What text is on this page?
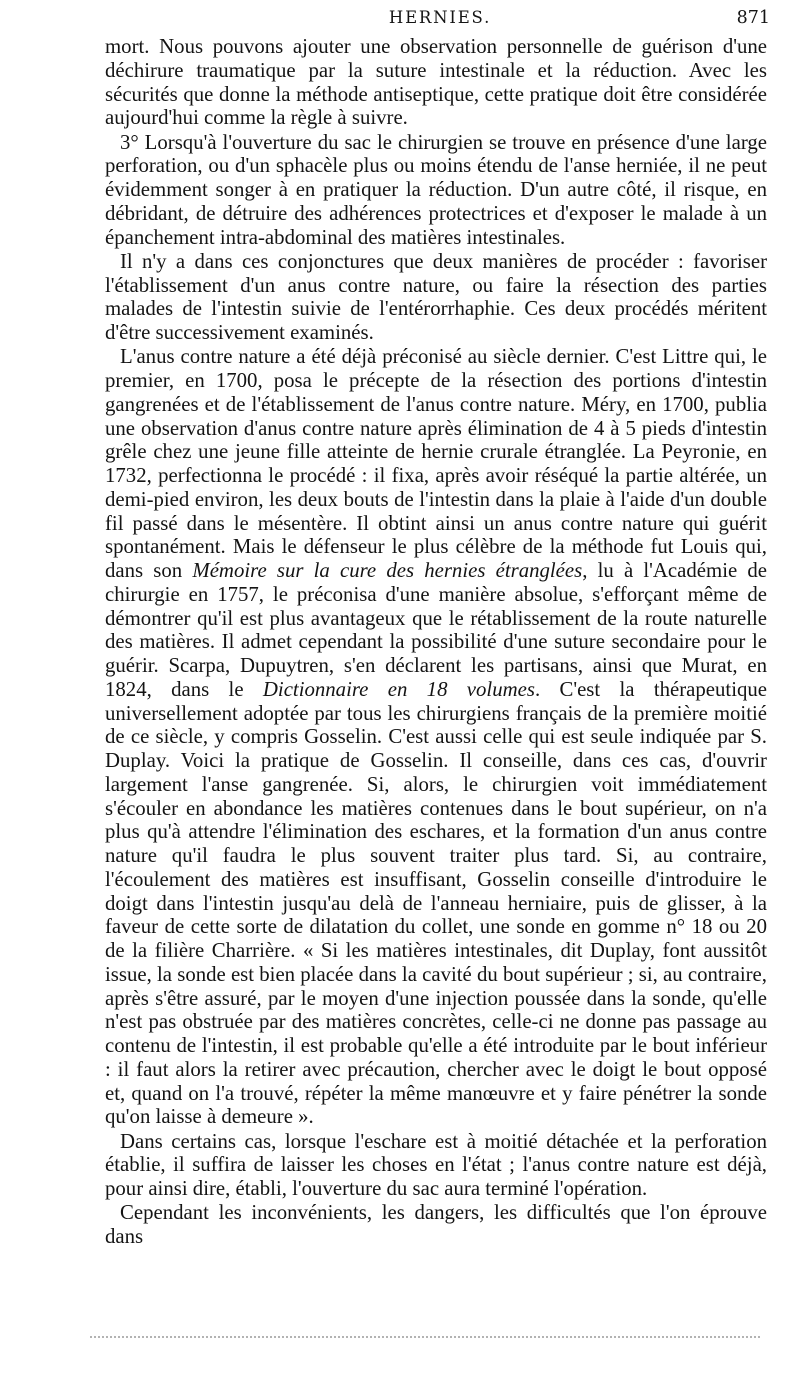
HERNIES.	871

mort. Nous pouvons ajouter une observation personnelle de guérison d'une déchirure traumatique par la suture intestinale et la réduction. Avec les sécurités que donne la méthode antiseptique, cette pratique doit être considérée aujourd'hui comme la règle à suivre.

3° Lorsqu'à l'ouverture du sac le chirurgien se trouve en présence d'une large perforation, ou d'un sphacèle plus ou moins étendu de l'anse herniée, il ne peut évidemment songer à en pratiquer la réduction. D'un autre côté, il risque, en débridant, de détruire des adhérences protectrices et d'exposer le malade à un épanchement intra-abdominal des matières intestinales.

Il n'y a dans ces conjonctures que deux manières de procéder : favoriser l'établissement d'un anus contre nature, ou faire la résection des parties malades de l'intestin suivie de l'entérorrhaphie. Ces deux procédés méritent d'être successivement examinés.

L'anus contre nature a été déjà préconisé au siècle dernier. C'est Littre qui, le premier, en 1700, posa le précepte de la résection des portions d'intestin gangrenées et de l'établissement de l'anus contre nature. Méry, en 1700, publia une observation d'anus contre nature après élimination de 4 à 5 pieds d'intestin grêle chez une jeune fille atteinte de hernie crurale étranglée. La Peyronie, en 1732, perfectionna le procédé : il fixa, après avoir réséqué la partie altérée, un demi-pied environ, les deux bouts de l'intestin dans la plaie à l'aide d'un double fil passé dans le mésentère. Il obtint ainsi un anus contre nature qui guérit spontanément. Mais le défenseur le plus célèbre de la méthode fut Louis qui, dans son Mémoire sur la cure des hernies étranglées, lu à l'Académie de chirurgie en 1757, le préconisa d'une manière absolue, s'efforçant même de démontrer qu'il est plus avantageux que le rétablissement de la route naturelle des matières. Il admet cependant la possibilité d'une suture secondaire pour le guérir. Scarpa, Dupuytren, s'en déclarent les partisans, ainsi que Murat, en 1824, dans le Dictionnaire en 18 volumes. C'est la thérapeutique universellement adoptée par tous les chirurgiens français de la première moitié de ce siècle, y compris Gosselin. C'est aussi celle qui est seule indiquée par S. Duplay. Voici la pratique de Gosselin. Il conseille, dans ces cas, d'ouvrir largement l'anse gangrenée. Si, alors, le chirurgien voit immédiatement s'écouler en abondance les matières contenues dans le bout supérieur, on n'a plus qu'à attendre l'élimination des eschares, et la formation d'un anus contre nature qu'il faudra le plus souvent traiter plus tard. Si, au contraire, l'écoulement des matières est insuffisant, Gosselin conseille d'introduire le doigt dans l'intestin jusqu'au delà de l'anneau herniaire, puis de glisser, à la faveur de cette sorte de dilatation du collet, une sonde en gomme n° 18 ou 20 de la filière Charrière. « Si les matières intestinales, dit Duplay, font aussitôt issue, la sonde est bien placée dans la cavité du bout supérieur ; si, au contraire, après s'être assuré, par le moyen d'une injection poussée dans la sonde, qu'elle n'est pas obstruée par des matières concrètes, celle-ci ne donne pas passage au contenu de l'intestin, il est probable qu'elle a été introduite par le bout inférieur : il faut alors la retirer avec précaution, chercher avec le doigt le bout opposé et, quand on l'a trouvé, répéter la même manœuvre et y faire pénétrer la sonde qu'on laisse à demeure ».

Dans certains cas, lorsque l'eschare est à moitié détachée et la perforation établie, il suffira de laisser les choses en l'état ; l'anus contre nature est déjà, pour ainsi dire, établi, l'ouverture du sac aura terminé l'opération.

Cependant les inconvénients, les dangers, les difficultés que l'on éprouve dans
